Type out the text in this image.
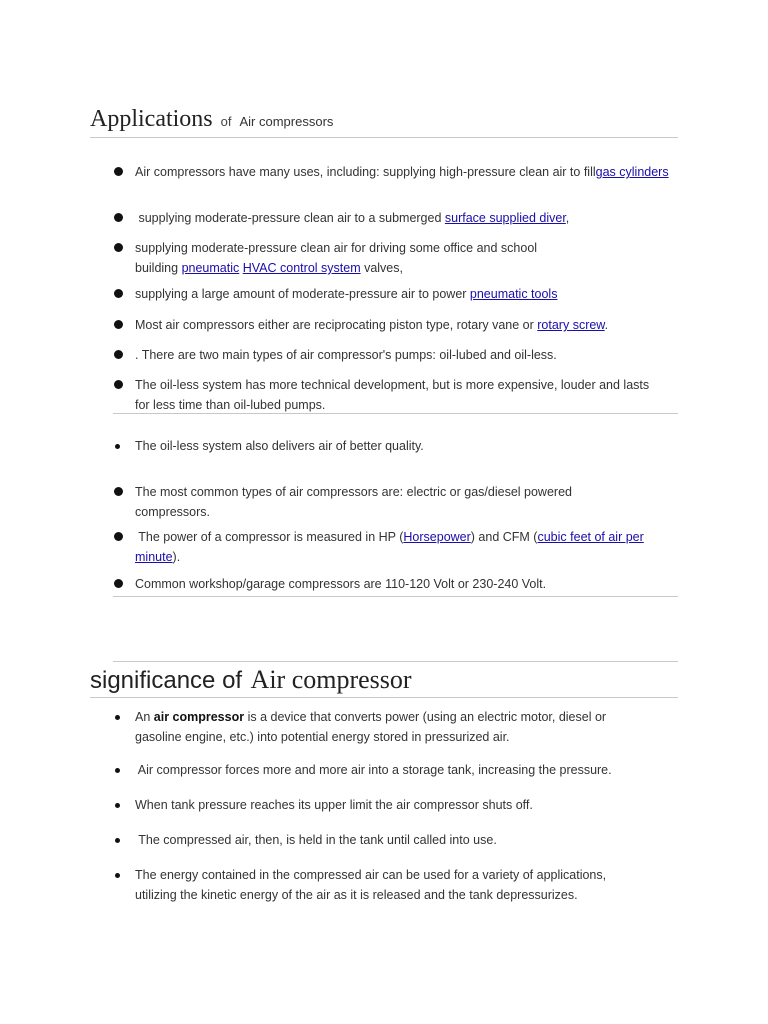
Applications of Air compressors
Air compressors have many uses, including: supplying high-pressure clean air to fillgas cylinders
supplying moderate-pressure clean air to a submerged surface supplied diver,
supplying moderate-pressure clean air for driving some office and school building pneumatic HVAC control system valves,
supplying a large amount of moderate-pressure air to power pneumatic tools
Most air compressors either are reciprocating piston type, rotary vane or rotary screw.
. There are two main types of air compressor's pumps: oil-lubed and oil-less.
The oil-less system has more technical development, but is more expensive, louder and lasts for less time than oil-lubed pumps.
The oil-less system also delivers air of better quality.
The most common types of air compressors are: electric or gas/diesel powered compressors.
The power of a compressor is measured in HP (Horsepower) and CFM (cubic feet of air per minute).
Common workshop/garage compressors are 110-120 Volt or 230-240 Volt.
significance of Air compressor
An air compressor is a device that converts power (using an electric motor, diesel or gasoline engine, etc.) into potential energy stored in pressurized air.
Air compressor forces more and more air into a storage tank, increasing the pressure.
When tank pressure reaches its upper limit the air compressor shuts off.
The compressed air, then, is held in the tank until called into use.
The energy contained in the compressed air can be used for a variety of applications, utilizing the kinetic energy of the air as it is released and the tank depressurizes.
